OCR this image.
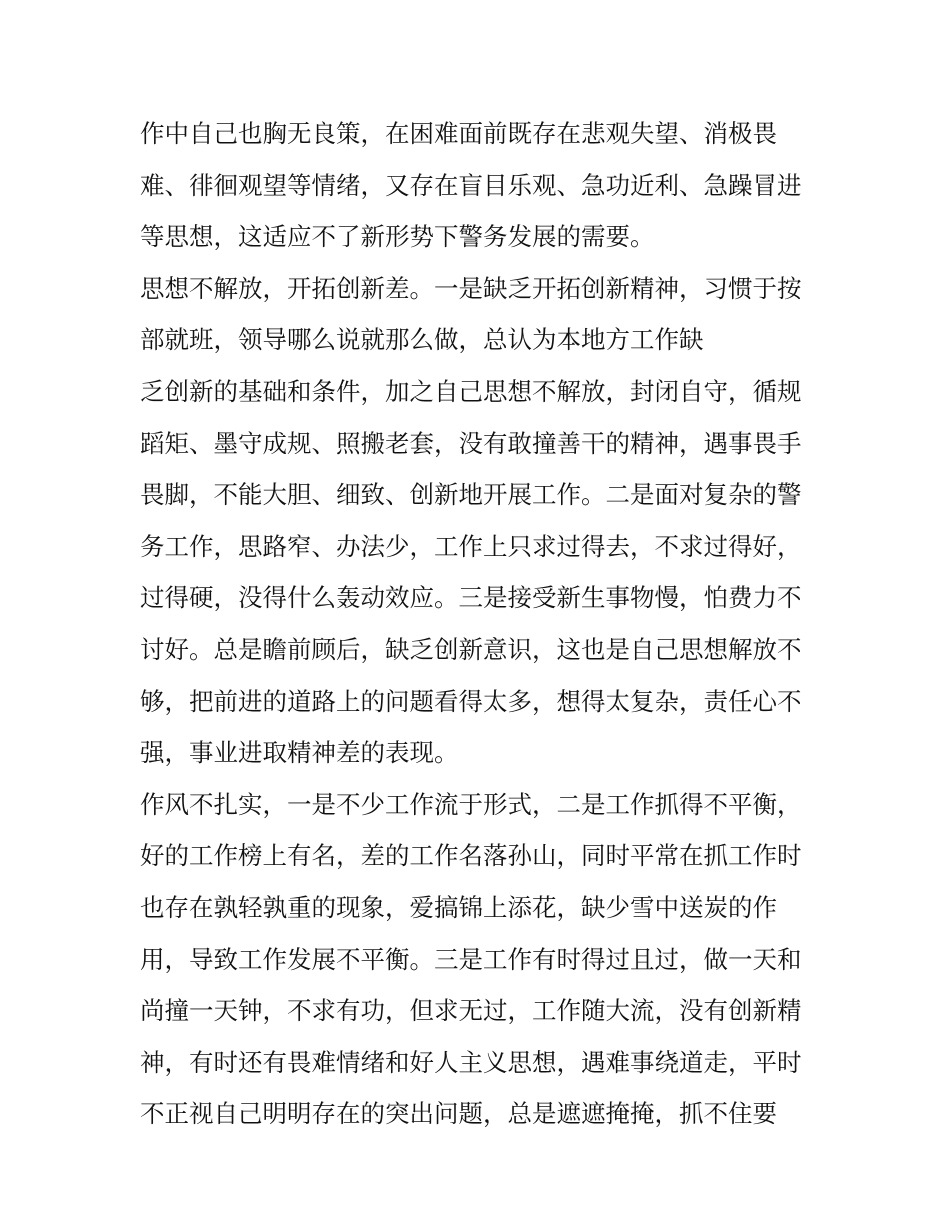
作中自己也胸无良策，在困难面前既存在悲观失望、消极畏
难、徘徊观望等情绪，又存在盲目乐观、急功近利、急躁冒进
等思想，这适应不了新形势下警务发展的需要。
思想不解放，开拓创新差。一是缺乏开拓创新精神，习惯于按
部就班，领导哪么说就那么做，总认为本地方工作缺
乏创新的基础和条件，加之自己思想不解放，封闭自守，循规
蹈矩、墨守成规、照搬老套，没有敢撞善干的精神，遇事畏手
畏脚，不能大胆、细致、创新地开展工作。二是面对复杂的警
务工作，思路窄、办法少，工作上只求过得去，不求过得好，
过得硬，没得什么轰动效应。三是接受新生事物慢，怕费力不
讨好。总是瞻前顾后，缺乏创新意识，这也是自己思想解放不
够，把前进的道路上的问题看得太多，想得太复杂，责任心不
强，事业进取精神差的表现。
作风不扎实，一是不少工作流于形式，二是工作抓得不平衡，
好的工作榜上有名，差的工作名落孙山，同时平常在抓工作时
也存在孰轻孰重的现象，爱搞锦上添花，缺少雪中送炭的作
用，导致工作发展不平衡。三是工作有时得过且过，做一天和
尚撞一天钟，不求有功，但求无过，工作随大流，没有创新精
神，有时还有畏难情绪和好人主义思想，遇难事绕道走，平时
不正视自己明明存在的突出问题，总是遮遮掩掩，抓不住要
